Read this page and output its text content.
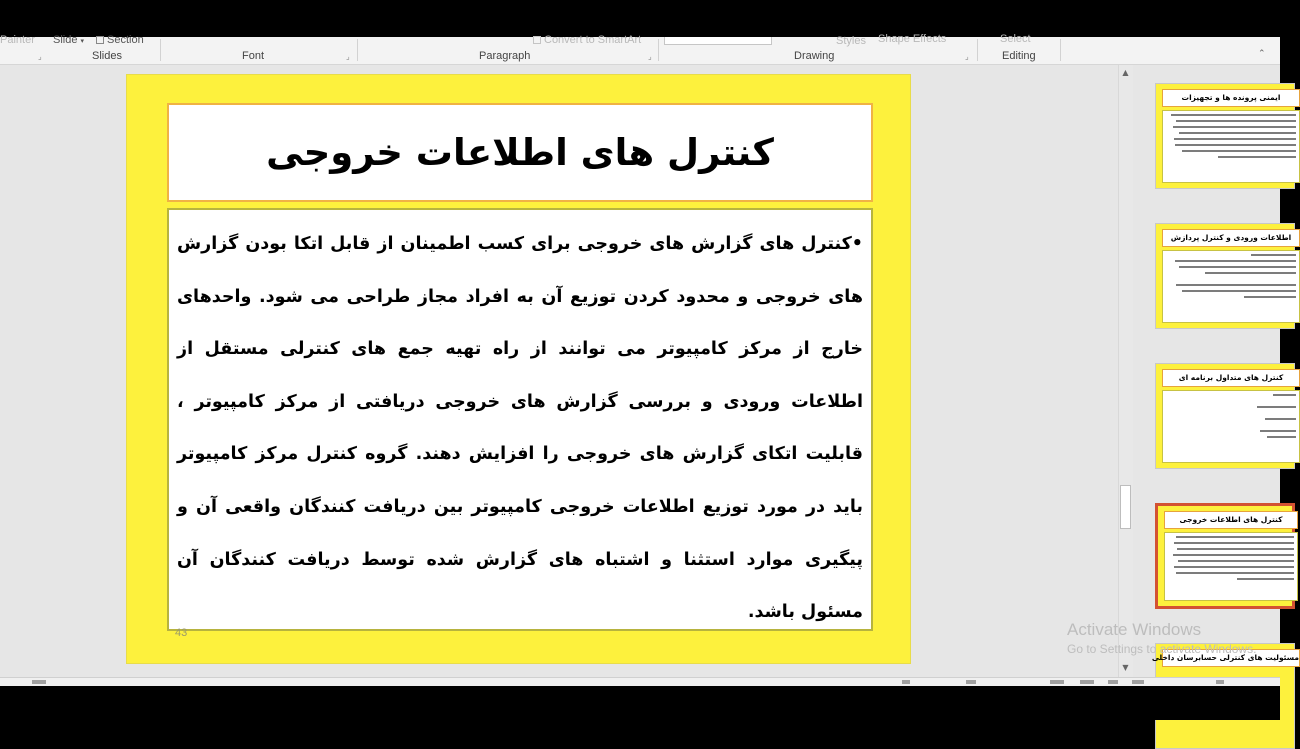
Painter Slide ▾	Section	Convert to SmartArt	Styles Shape Effects	Select
Slides
⌟	Font	⌟	Paragraph	⌟	Drawing	⌟	Editing	⌃
کنترل های اطلاعات خروجی
•کنترل های گزارش های خروجی برای کسب اطمینان از قابل اتکا بودن گزارش های خروجی و محدود کردن توزیع آن به افراد مجاز طراحی می شود. واحدهای خارج از مرکز کامپیوتر می توانند از راه تهیه جمع های کنترلی مستقل از اطلاعات ورودی و بررسی گزارش های خروجی دریافتی از مرکز کامپیوتر ، قابلیت اتکای گزارش های خروجی را افزایش دهند. گروه کنترل مرکز کامپیوتر باید در مورد توزیع اطلاعات خروجی کامپیوتر بین دریافت کنندگان واقعی آن و پیگیری موارد استثنا و اشتباه های گزارش شده توسط دریافت کنندگان آن مسئول باشد.
43
▲
▼
ایمنی پرونده ها و تجهیزات
اطلاعات ورودی و کنترل پردازش
کنترل های متداول برنامه ای
کنترل های اطلاعات خروجی
مسئولیت های کنترلی حسابرسان داخلی
Activate Windows
Go to Settings to activate Windows.
